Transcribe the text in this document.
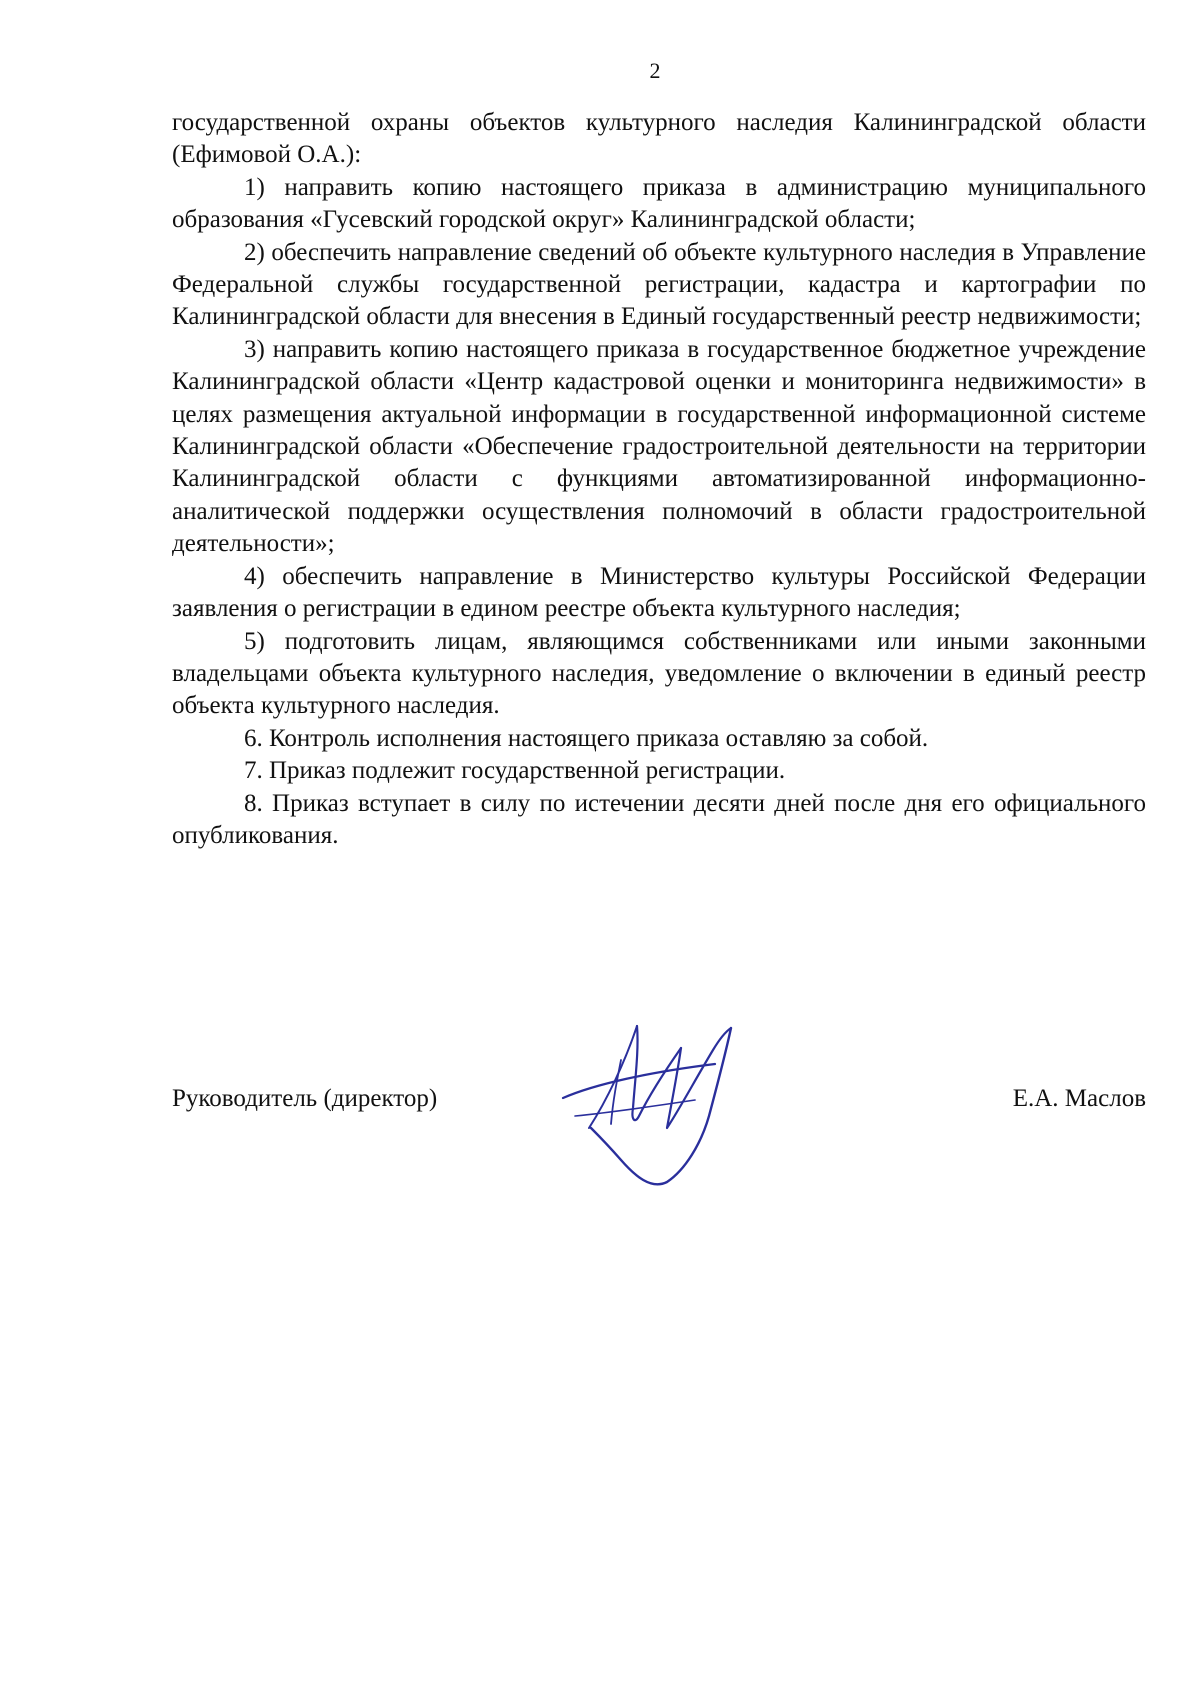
2

государственной охраны объектов культурного наследия Калининградской области (Ефимовой О.А.):

1) направить копию настоящего приказа в администрацию муниципального образования «Гусевский городской округ» Калининградской области;

2) обеспечить направление сведений об объекте культурного наследия в Управление Федеральной службы государственной регистрации, кадастра и картографии по Калининградской области для внесения в Единый государственный реестр недвижимости;

3) направить копию настоящего приказа в государственное бюджетное учреждение Калининградской области «Центр кадастровой оценки и мониторинга недвижимости» в целях размещения актуальной информации в государственной информационной системе Калининградской области «Обеспечение градостроительной деятельности на территории Калининградской области с функциями автоматизированной информационно-аналитической поддержки осуществления полномочий в области градостроительной деятельности»;

4) обеспечить направление в Министерство культуры Российской Федерации заявления о регистрации в едином реестре объекта культурного наследия;

5) подготовить лицам, являющимся собственниками или иными законными владельцами объекта культурного наследия, уведомление о включении в единый реестр объекта культурного наследия.

6. Контроль исполнения настоящего приказа оставляю за собой.

7. Приказ подлежит государственной регистрации.

8. Приказ вступает в силу по истечении десяти дней после дня его официального опубликования.

Руководитель (директор)	Е.А. Маслов
